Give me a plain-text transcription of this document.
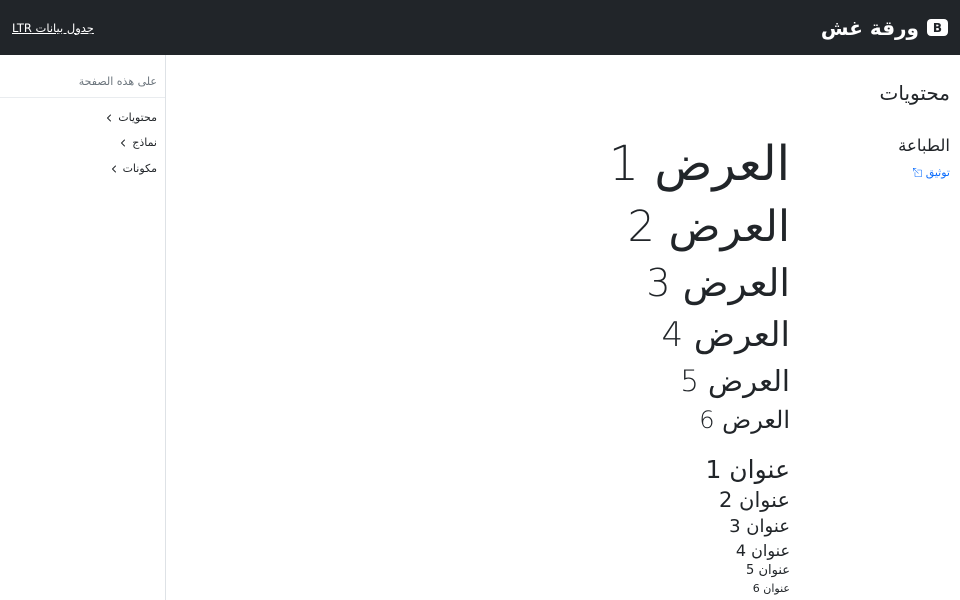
B
ورقة غش
جدول بيانات LTR
محتويات
الطباعة
توثيق

العرض 1

العرض 2

العرض 3

العرض 4

العرض 5

العرض 6

عنوان 1

عنوان 2

عنوان 3

عنوان 4

عنوان 5

عنوان 6

على هذه الصفحة

محتويات
نماذج
مكونات
